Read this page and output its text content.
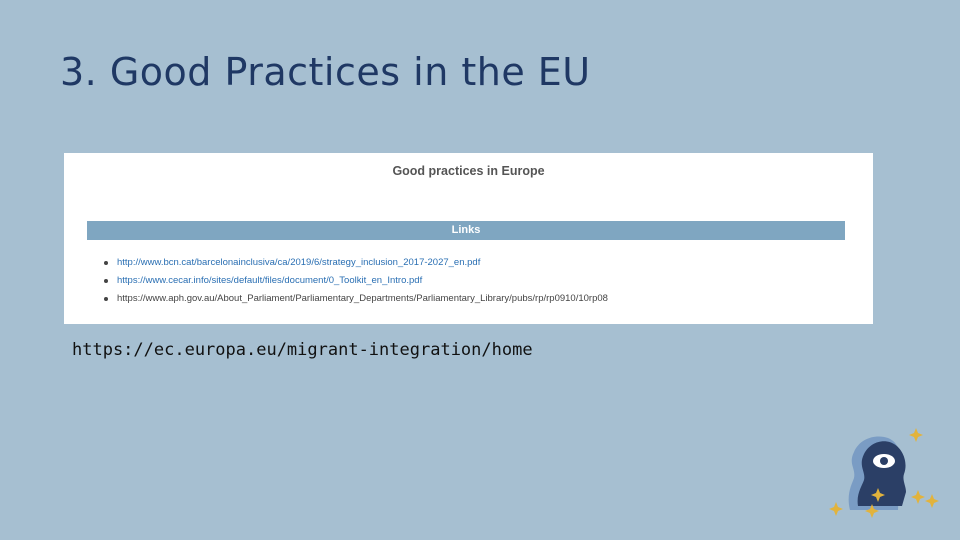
3. Good Practices in the EU
Good practices in Europe
Links
http://www.bcn.cat/barcelonainclusiva/ca/2019/6/strategy_inclusion_2017-2027_en.pdf
https://www.cecar.info/sites/default/files/document/0_Toolkit_en_Intro.pdf
https://www.aph.gov.au/About_Parliament/Parliamentary_Departments/Parliamentary_Library/pubs/rp/rp0910/10rp08
https://ec.europa.eu/migrant-integration/home
